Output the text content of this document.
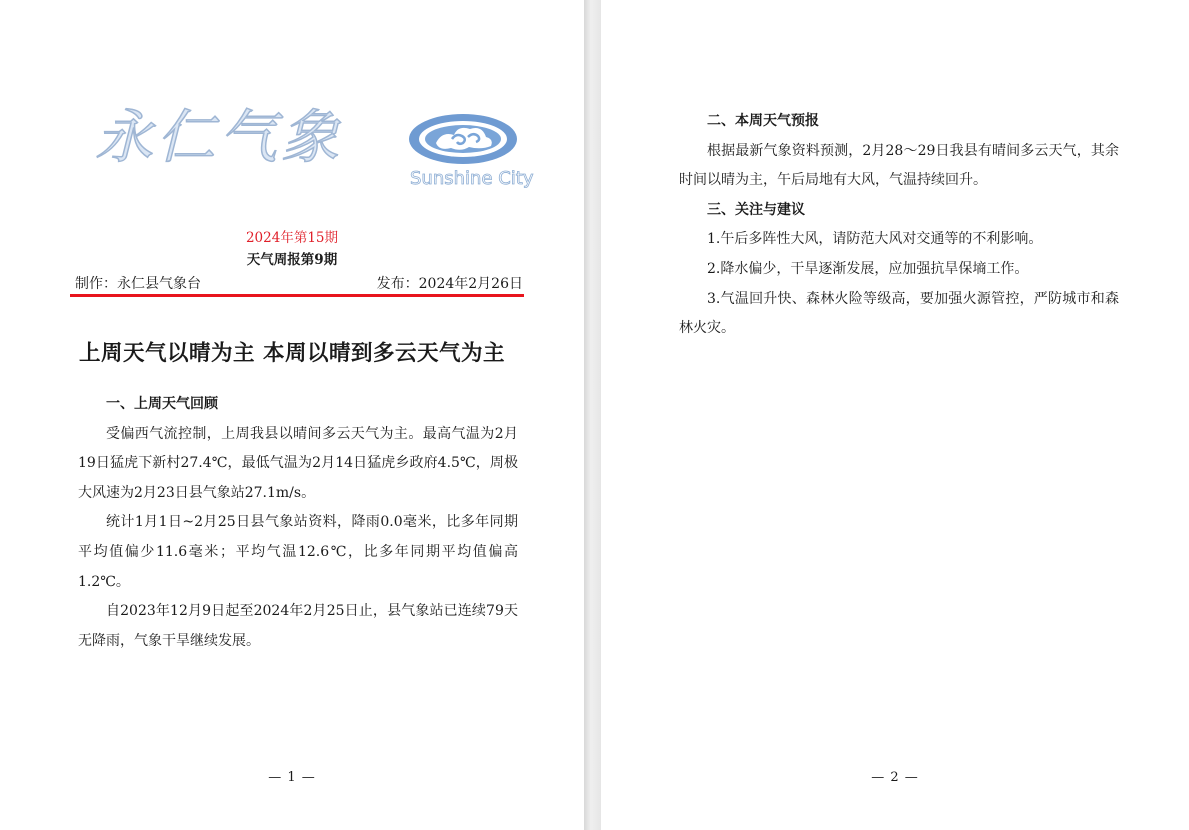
永仁气象
Sunshine City
2024年第15期
天气周报第9期
制作：永仁县气象台	发布：2024年2月26日
上周天气以晴为主 本周以晴到多云天气为主
一、上周天气回顾

受偏西气流控制，上周我县以晴间多云天气为主。最高气温为2月19日猛虎下新村27.4℃，最低气温为2月14日猛虎乡政府4.5℃，周极大风速为2月23日县气象站27.1m/s。

统计1月1日~2月25日县气象站资料，降雨0.0毫米，比多年同期平均值偏少11.6毫米；平均气温12.6℃，比多年同期平均值偏高1.2℃。

自2023年12月9日起至2024年2月25日止，县气象站已连续79天无降雨，气象干旱继续发展。

— 1 —
二、本周天气预报

根据最新气象资料预测，2月28～29日我县有晴间多云天气，其余时间以晴为主，午后局地有大风，气温持续回升。

三、关注与建议

1.午后多阵性大风，请防范大风对交通等的不利影响。

2.降水偏少，干旱逐渐发展，应加强抗旱保墒工作。

3.气温回升快、森林火险等级高，要加强火源管控，严防城市和森林火灾。

— 2 —
